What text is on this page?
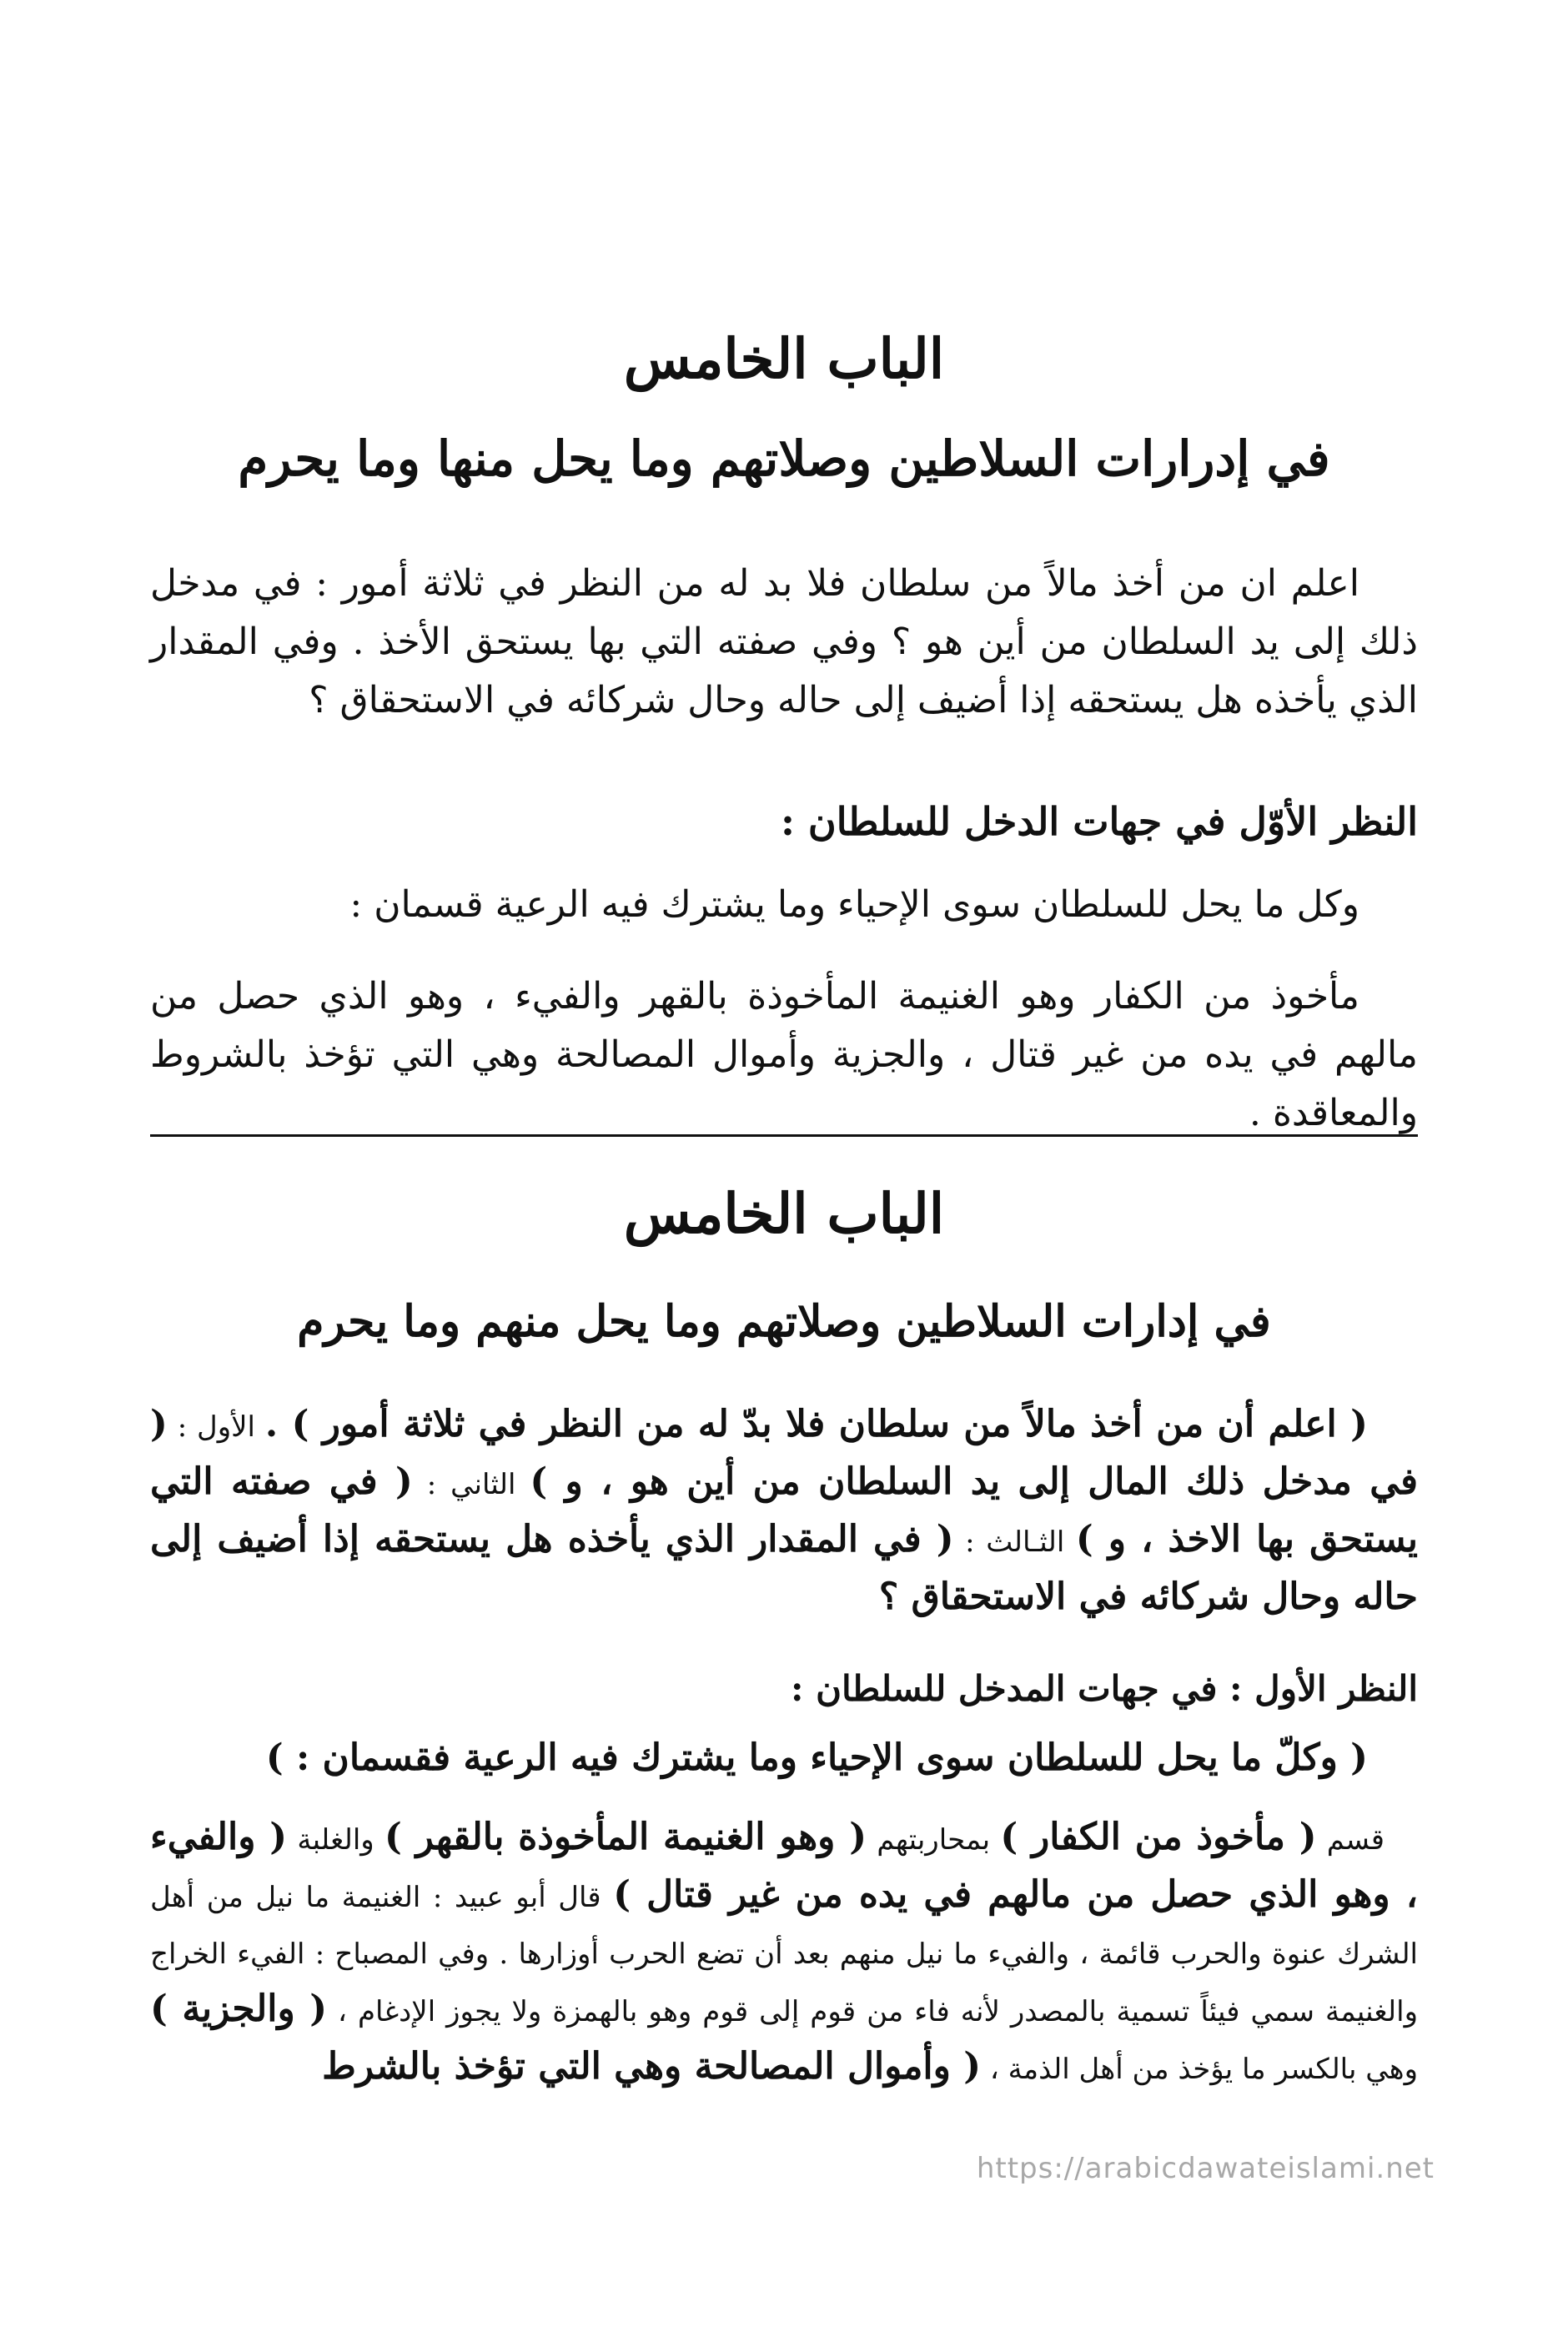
الباب الخامس
في إدرارات السلاطين وصلاتهم وما يحل منها وما يحرم
اعلم ان من أخذ مالاً من سلطان فلا بد له من النظر في ثلاثة أمور : في مدخل ذلك إلى يد السلطان من أين هو ؟ وفي صفته التي بها يستحق الأخذ . وفي المقدار الذي يأخذه هل يستحقه إذا أضيف إلى حاله وحال شركائه في الاستحقاق ؟
النظر الأوّل في جهات الدخل للسلطان :
وكل ما يحل للسلطان سوى الإحياء وما يشترك فيه الرعية قسمان :
مأخوذ من الكفار وهو الغنيمة المأخوذة بالقهر والفيء ، وهو الذي حصل من مالهم في يده من غير قتال ، والجزية وأموال المصالحة وهي التي تؤخذ بالشروط والمعاقدة .
الباب الخامس
في إدارات السلاطين وصلاتهم وما يحل منهم وما يحرم
( اعلم أن من أخذ مالاً من سلطان فلا بدّ له من النظر في ثلاثة أمور ) . الأول : ( في مدخل ذلك المال إلى يد السلطان من أين هو ، و ) الثاني : ( في صفته التي يستحق بها الاخذ ، و ) الثـالث : ( في المقدار الذي يأخذه هل يستحقه إذا أضيف إلى حاله وحال شركائه في الاستحقاق ؟
النظر الأول : في جهات المدخل للسلطان :
( وكلّ ما يحل للسلطان سوى الإحياء وما يشترك فيه الرعية فقسمان : )
قسم ( مأخوذ من الكفار ) بمحاربتهم ( وهو الغنيمة المأخوذة بالقهر ) والغلبة ( والفيء ، وهو الذي حصل من مالهم في يده من غير قتال ) قال أبو عبيد : الغنيمة ما نيل من أهل الشرك عنوة والحرب قائمة ، والفيء ما نيل منهم بعد أن تضع الحرب أوزارها . وفي المصباح : الفيء الخراج والغنيمة سمي فيئاً تسمية بالمصدر لأنه فاء من قوم إلى قوم وهو بالهمزة ولا يجوز الإدغام ، ( والجزية ) وهي بالكسر ما يؤخذ من أهل الذمة ، ( وأموال المصالحة وهي التي تؤخذ بالشرط
https://arabicdawateislami.net
